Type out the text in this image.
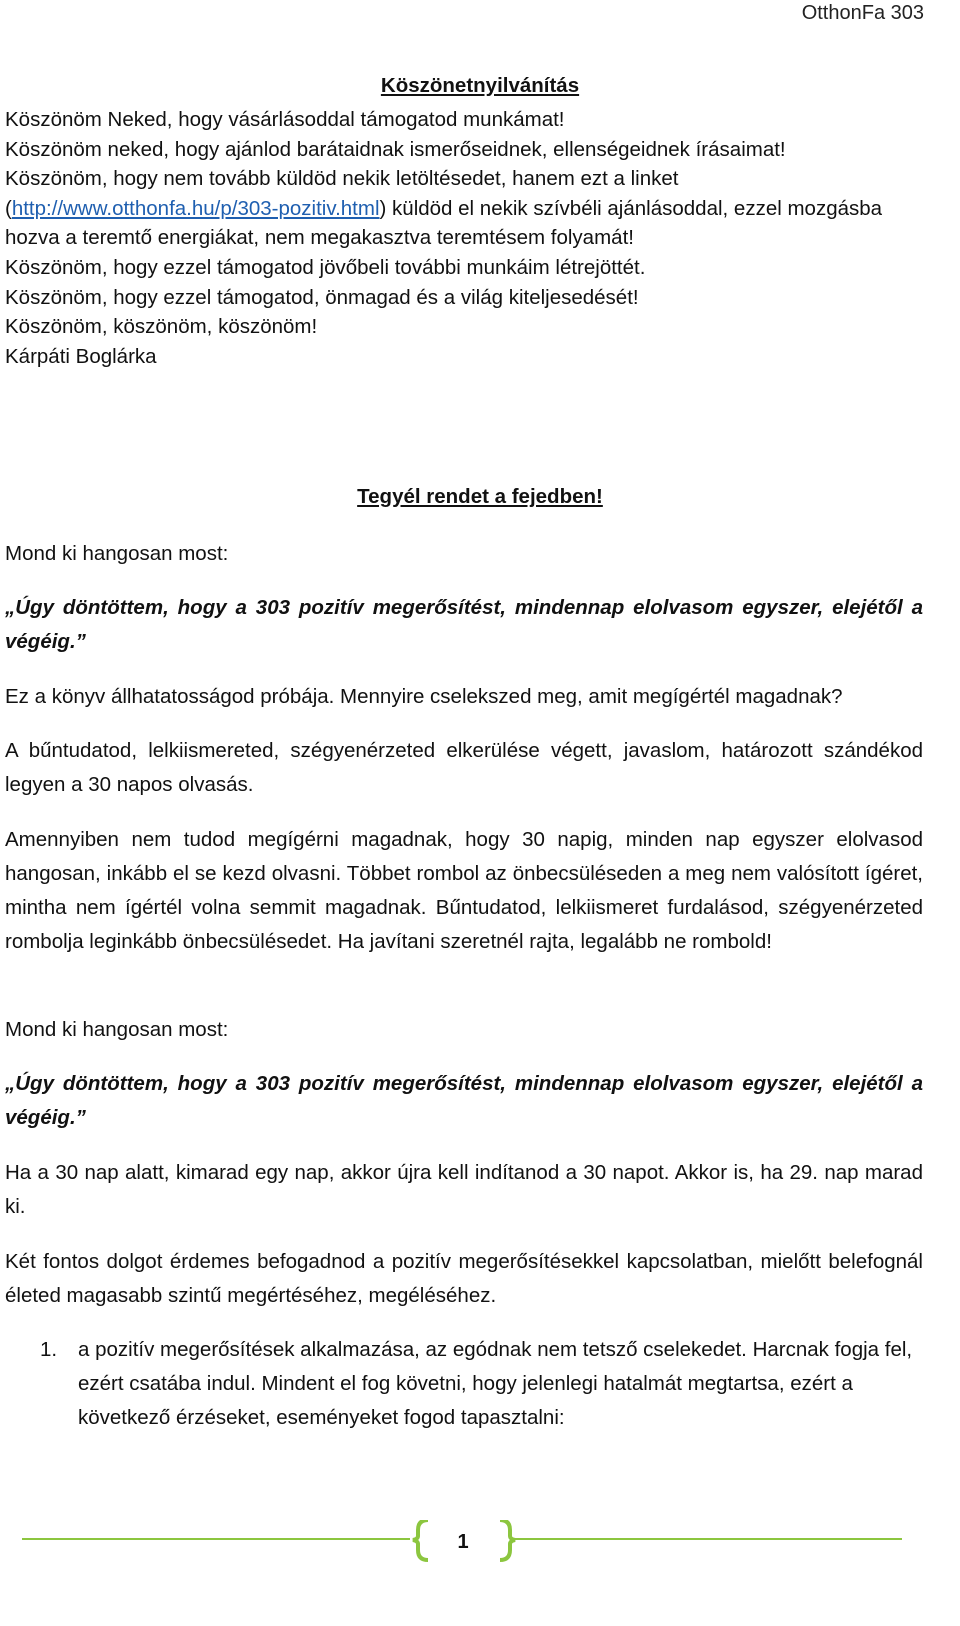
OtthonFa 303
Köszönetnyilvánítás
Köszönöm Neked, hogy vásárlásoddal támogatod munkámat!
Köszönöm neked, hogy ajánlod barátaidnak ismerőseidnek, ellenségeidnek írásaimat!
Köszönöm, hogy nem tovább küldöd nekik letöltésedet, hanem ezt a linket
(http://www.otthonfa.hu/p/303-pozitiv.html) küldöd el nekik szívbéli ajánlásoddal, ezzel mozgásba hozva a teremtő energiákat, nem megakasztva teremtésem folyamát!
Köszönöm, hogy ezzel támogatod jövőbeli további munkáim létrejöttét.
Köszönöm, hogy ezzel támogatod, önmagad és a világ kiteljesedését!
Köszönöm, köszönöm, köszönöm!
Kárpáti Boglárka
Tegyél rendet a fejedben!
Mond ki hangosan most:
„Úgy döntöttem, hogy a 303 pozitív megerősítést, mindennap elolvasom egyszer, elejétől a végéig.”
Ez a könyv állhatatosságod próbája. Mennyire cselekszed meg, amit megígértél magadnak?
A bűntudatod, lelkiismereted, szégyenérzeted elkerülése végett, javaslom, határozott szándékod legyen a 30 napos olvasás.
Amennyiben nem tudod megígérni magadnak, hogy 30 napig, minden nap egyszer elolvasod hangosan, inkább el se kezd olvasni. Többet rombol az önbecsüléseden a meg nem valósított ígéret, mintha nem ígértél volna semmit magadnak. Bűntudatod, lelkiismeret furdalásod, szégyenérzeted rombolja leginkább önbecsülésedet. Ha javítani szeretnél rajta, legalább ne rombold!
Mond ki hangosan most:
„Úgy döntöttem, hogy a 303 pozitív megerősítést, mindennap elolvasom egyszer, elejétől a végéig.”
Ha a 30 nap alatt, kimarad egy nap, akkor újra kell indítanod a 30 napot. Akkor is, ha 29. nap marad ki.
Két fontos dolgot érdemes befogadnod a pozitív megerősítésekkel kapcsolatban, mielőtt belefognál életed magasabb szintű megértéséhez, megéléséhez.
1. a pozitív megerősítések alkalmazása, az egódnak nem tetsző cselekedet. Harcnak fogja fel, ezért csatába indul. Mindent el fog követni, hogy jelenlegi hatalmát megtartsa, ezért a következő érzéseket, eseményeket fogod tapasztalni:
1
